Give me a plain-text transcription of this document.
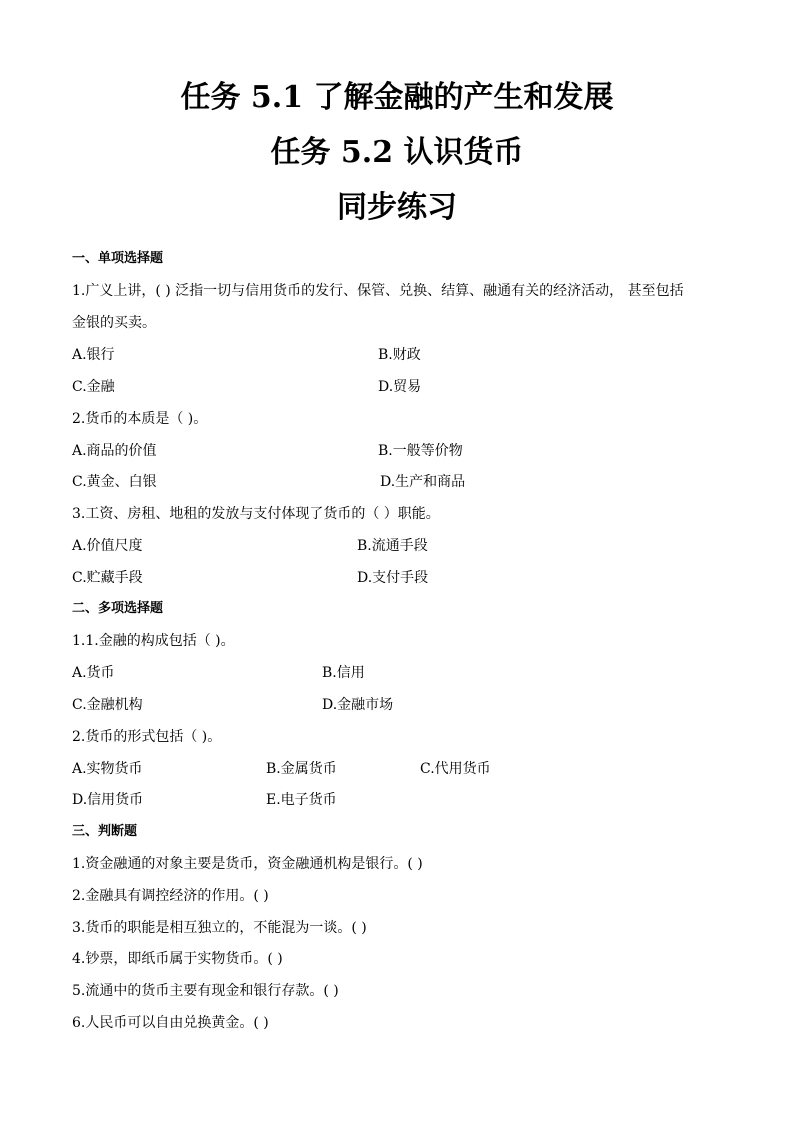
任务 5.1 了解金融的产生和发展
任务 5.2 认识货币
同步练习
一、单项选择题
1.广义上讲，( ) 泛指一切与信用货币的发行、保管、兑换、结算、融通有关的经济活动， 甚至包括
金银的买卖。
A.银行	B.财政
C.金融	D.贸易
2.货币的本质是（ )。
A.商品的价值	B.一般等价物
C.黄金、白银	D.生产和商品
3.工资、房租、地租的发放与支付体现了货币的（ ）职能。
A.价值尺度	B.流通手段
C.贮藏手段	D.支付手段
二、多项选择题
1.1.金融的构成包括（ )。
A.货币	B.信用
C.金融机构	D.金融市场
2.货币的形式包括（ )。
A.实物货币	B.金属货币	C.代用货币
D.信用货币	E.电子货币
三、判断题
1.资金融通的对象主要是货币，资金融通机构是银行。( )
2.金融具有调控经济的作用。( )
3.货币的职能是相互独立的，不能混为一谈。( )
4.钞票，即纸币属于实物货币。( )
5.流通中的货币主要有现金和银行存款。( )
6.人民币可以自由兑换黄金。( )
